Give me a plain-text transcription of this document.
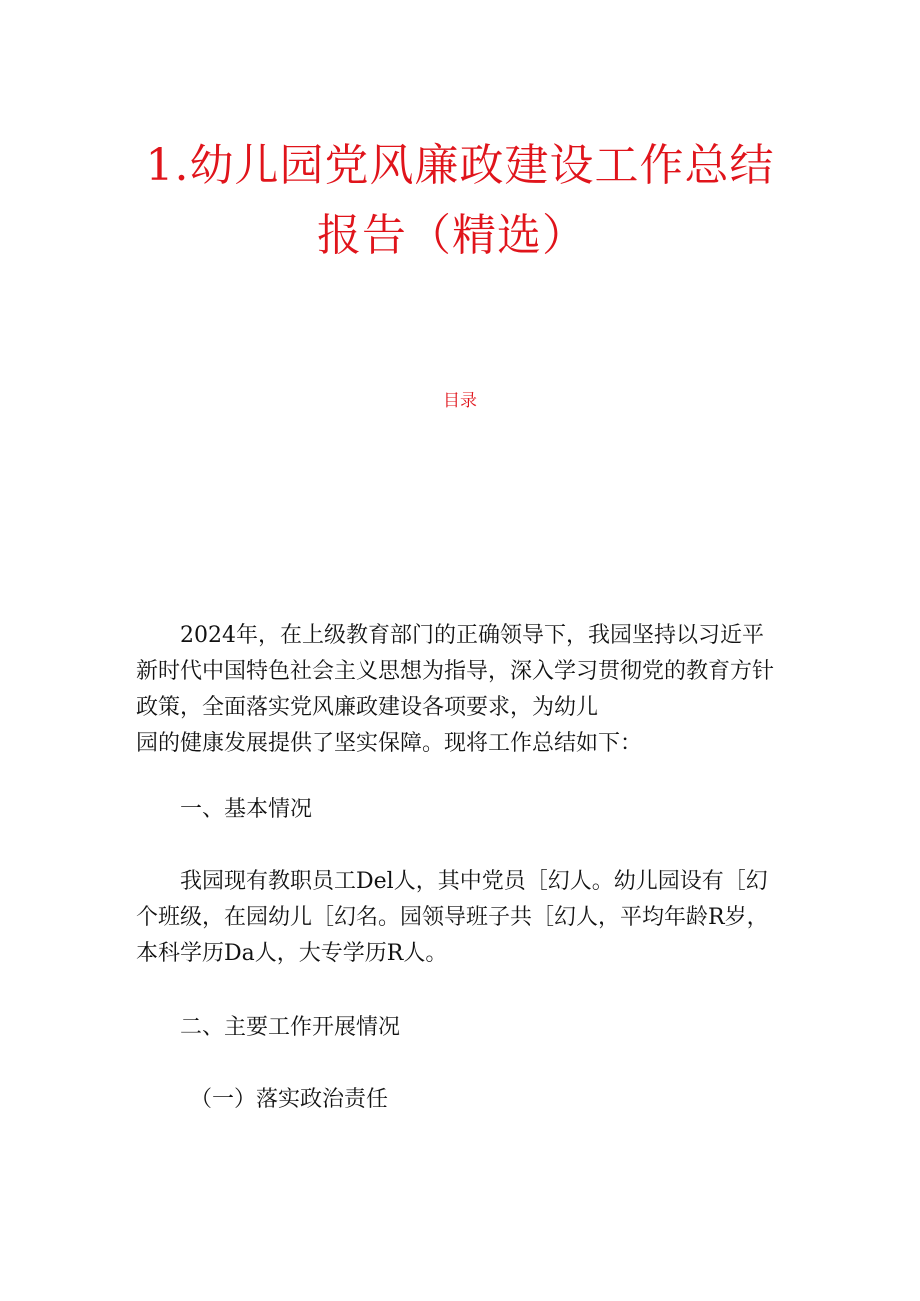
1.幼儿园党风廉政建设工作总结
报告（精选）
目录
2024年，在上级教育部门的正确领导下，我园坚持以习近平
新时代中国特色社会主义思想为指导，深入学习贯彻党的教育方针
政策，全面落实党风廉政建设各项要求，为幼儿
园的健康发展提供了坚实保障。现将工作总结如下：
一、基本情况
我园现有教职员工Del人，其中党员［幻人。幼儿园设有［幻
个班级，在园幼儿［幻名。园领导班子共［幻人，平均年龄R岁，
本科学历Da人，大专学历R人。
二、主要工作开展情况
（一）落实政治责任
